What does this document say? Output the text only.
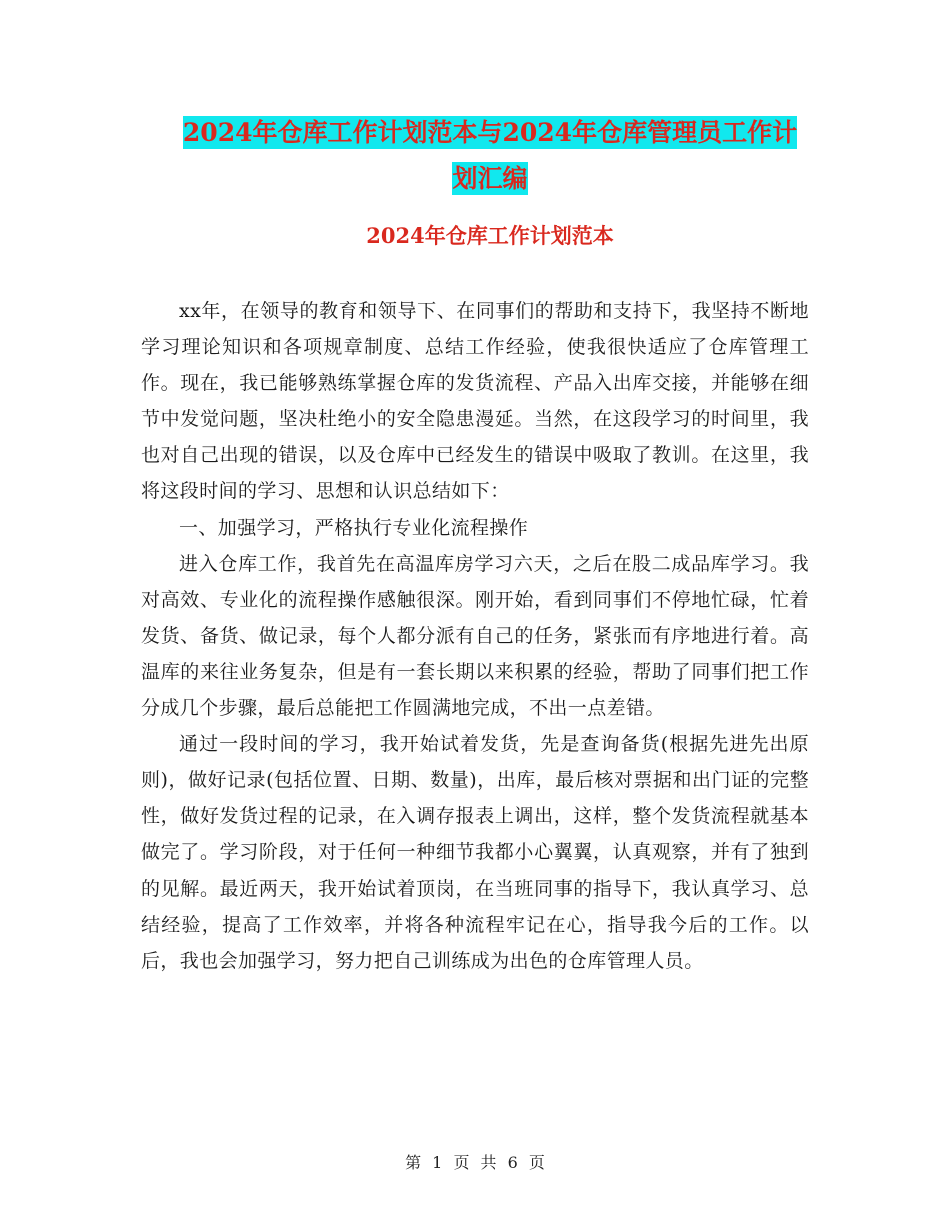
2024年仓库工作计划范本与2024年仓库管理员工作计
划汇编
2024年仓库工作计划范本

xx年，在领导的教育和领导下、在同事们的帮助和支持下，我坚持不断地学习理论知识和各项规章制度、总结工作经验，使我很快适应了仓库管理工作。现在，我已能够熟练掌握仓库的发货流程、产品入出库交接，并能够在细节中发觉问题，坚决杜绝小的安全隐患漫延。当然，在这段学习的时间里，我也对自己出现的错误，以及仓库中已经发生的错误中吸取了教训。在这里，我将这段时间的学习、思想和认识总结如下：

一、加强学习，严格执行专业化流程操作

进入仓库工作，我首先在高温库房学习六天，之后在股二成品库学习。我对高效、专业化的流程操作感触很深。刚开始，看到同事们不停地忙碌，忙着发货、备货、做记录，每个人都分派有自己的任务，紧张而有序地进行着。高温库的来往业务复杂，但是有一套长期以来积累的经验，帮助了同事们把工作分成几个步骤，最后总能把工作圆满地完成，不出一点差错。

通过一段时间的学习，我开始试着发货，先是查询备货(根据先进先出原则)，做好记录(包括位置、日期、数量)，出库，最后核对票据和出门证的完整性，做好发货过程的记录，在入调存报表上调出，这样，整个发货流程就基本做完了。学习阶段，对于任何一种细节我都小心翼翼，认真观察，并有了独到的见解。最近两天，我开始试着顶岗，在当班同事的指导下，我认真学习、总结经验，提高了工作效率，并将各种流程牢记在心，指导我今后的工作。以后，我也会加强学习，努力把自己训练成为出色的仓库管理人员。

第 1 页 共 6 页
